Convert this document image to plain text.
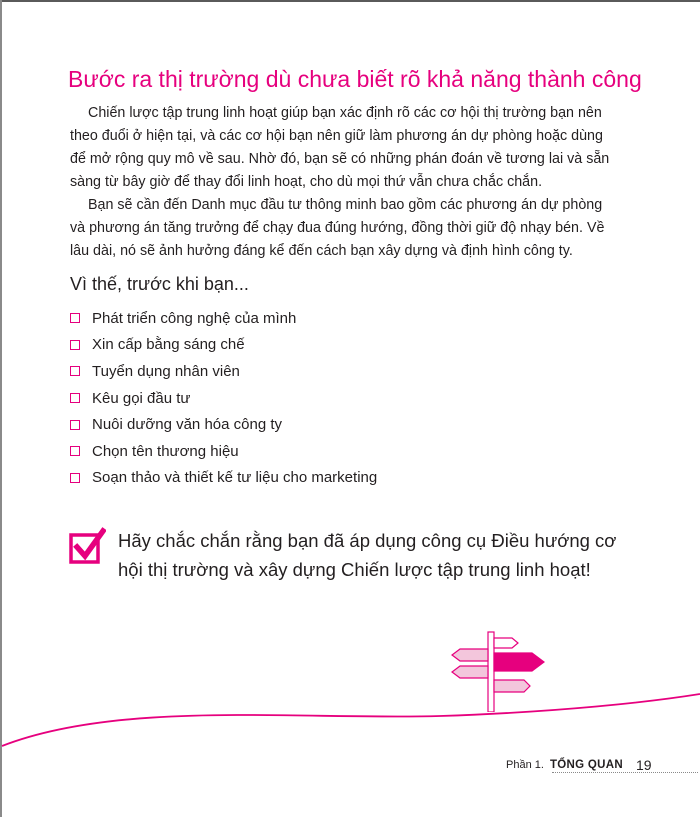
Bước ra thị trường dù chưa biết rõ khả năng thành công

Chiến lược tập trung linh hoạt giúp bạn xác định rõ các cơ hội thị trường bạn nên theo đuổi ở hiện tại, và các cơ hội bạn nên giữ làm phương án dự phòng hoặc dùng để mở rộng quy mô về sau. Nhờ đó, bạn sẽ có những phán đoán về tương lai và sẵn sàng từ bây giờ để thay đổi linh hoạt, cho dù mọi thứ vẫn chưa chắc chắn.

Bạn sẽ cần đến Danh mục đầu tư thông minh bao gồm các phương án dự phòng và phương án tăng trưởng để chạy đua đúng hướng, đồng thời giữ độ nhạy bén. Về lâu dài, nó sẽ ảnh hưởng đáng kể đến cách bạn xây dựng và định hình công ty.

Vì thế, trước khi bạn...

Phát triển công nghệ của mình
Xin cấp bằng sáng chế
Tuyển dụng nhân viên
Kêu gọi đầu tư
Nuôi dưỡng văn hóa công ty
Chọn tên thương hiệu
Soạn thảo và thiết kế tư liệu cho marketing

Hãy chắc chắn rằng bạn đã áp dụng công cụ Điều hướng cơ hội thị trường và xây dựng Chiến lược tập trung linh hoạt!

Phần 1. TỔNG QUAN 19
